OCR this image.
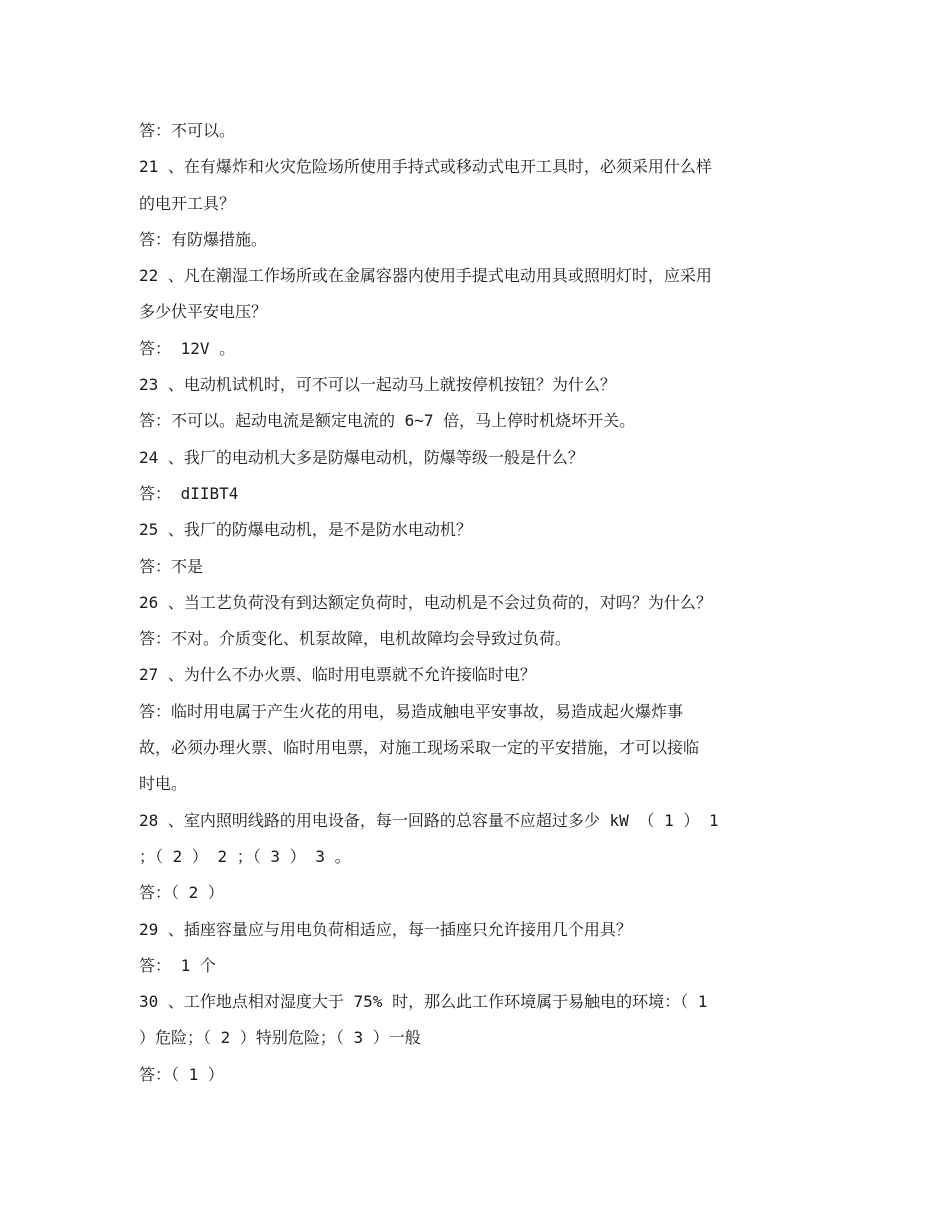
答：不可以。

21 、在有爆炸和火灾危险场所使用手持式或移动式电开工具时，必须采用什么样

的电开工具？

答：有防爆措施。

22 、凡在潮湿工作场所或在金属容器内使用手提式电动用具或照明灯时，应采用

多少伏平安电压？

答： 12V 。

23 、电动机试机时，可不可以一起动马上就按停机按钮？为什么？

答：不可以。起动电流是额定电流的 6~7 倍，马上停时机烧坏开关。

24 、我厂的电动机大多是防爆电动机，防爆等级一般是什么？

答： dIIBT4

25 、我厂的防爆电动机，是不是防水电动机？

答：不是

26 、当工艺负荷没有到达额定负荷时，电动机是不会过负荷的，对吗？为什么？

答：不对。介质变化、机泵故障，电机故障均会导致过负荷。

27 、为什么不办火票、临时用电票就不允许接临时电？

答：临时用电属于产生火花的用电，易造成触电平安事故，易造成起火爆炸事

故，必须办理火票、临时用电票，对施工现场采取一定的平安措施，才可以接临

时电。

28 、室内照明线路的用电设备，每一回路的总容量不应超过多少 kW （ 1 ） 1

；（ 2 ） 2 ；（ 3 ） 3 。

答：（ 2 ）

29 、插座容量应与用电负荷相适应，每一插座只允许接用几个用具？

答： 1 个

30 、工作地点相对湿度大于 75% 时，那么此工作环境属于易触电的环境：（ 1

）危险；（ 2 ）特别危险；（ 3 ）一般

答：（ 1 ）
